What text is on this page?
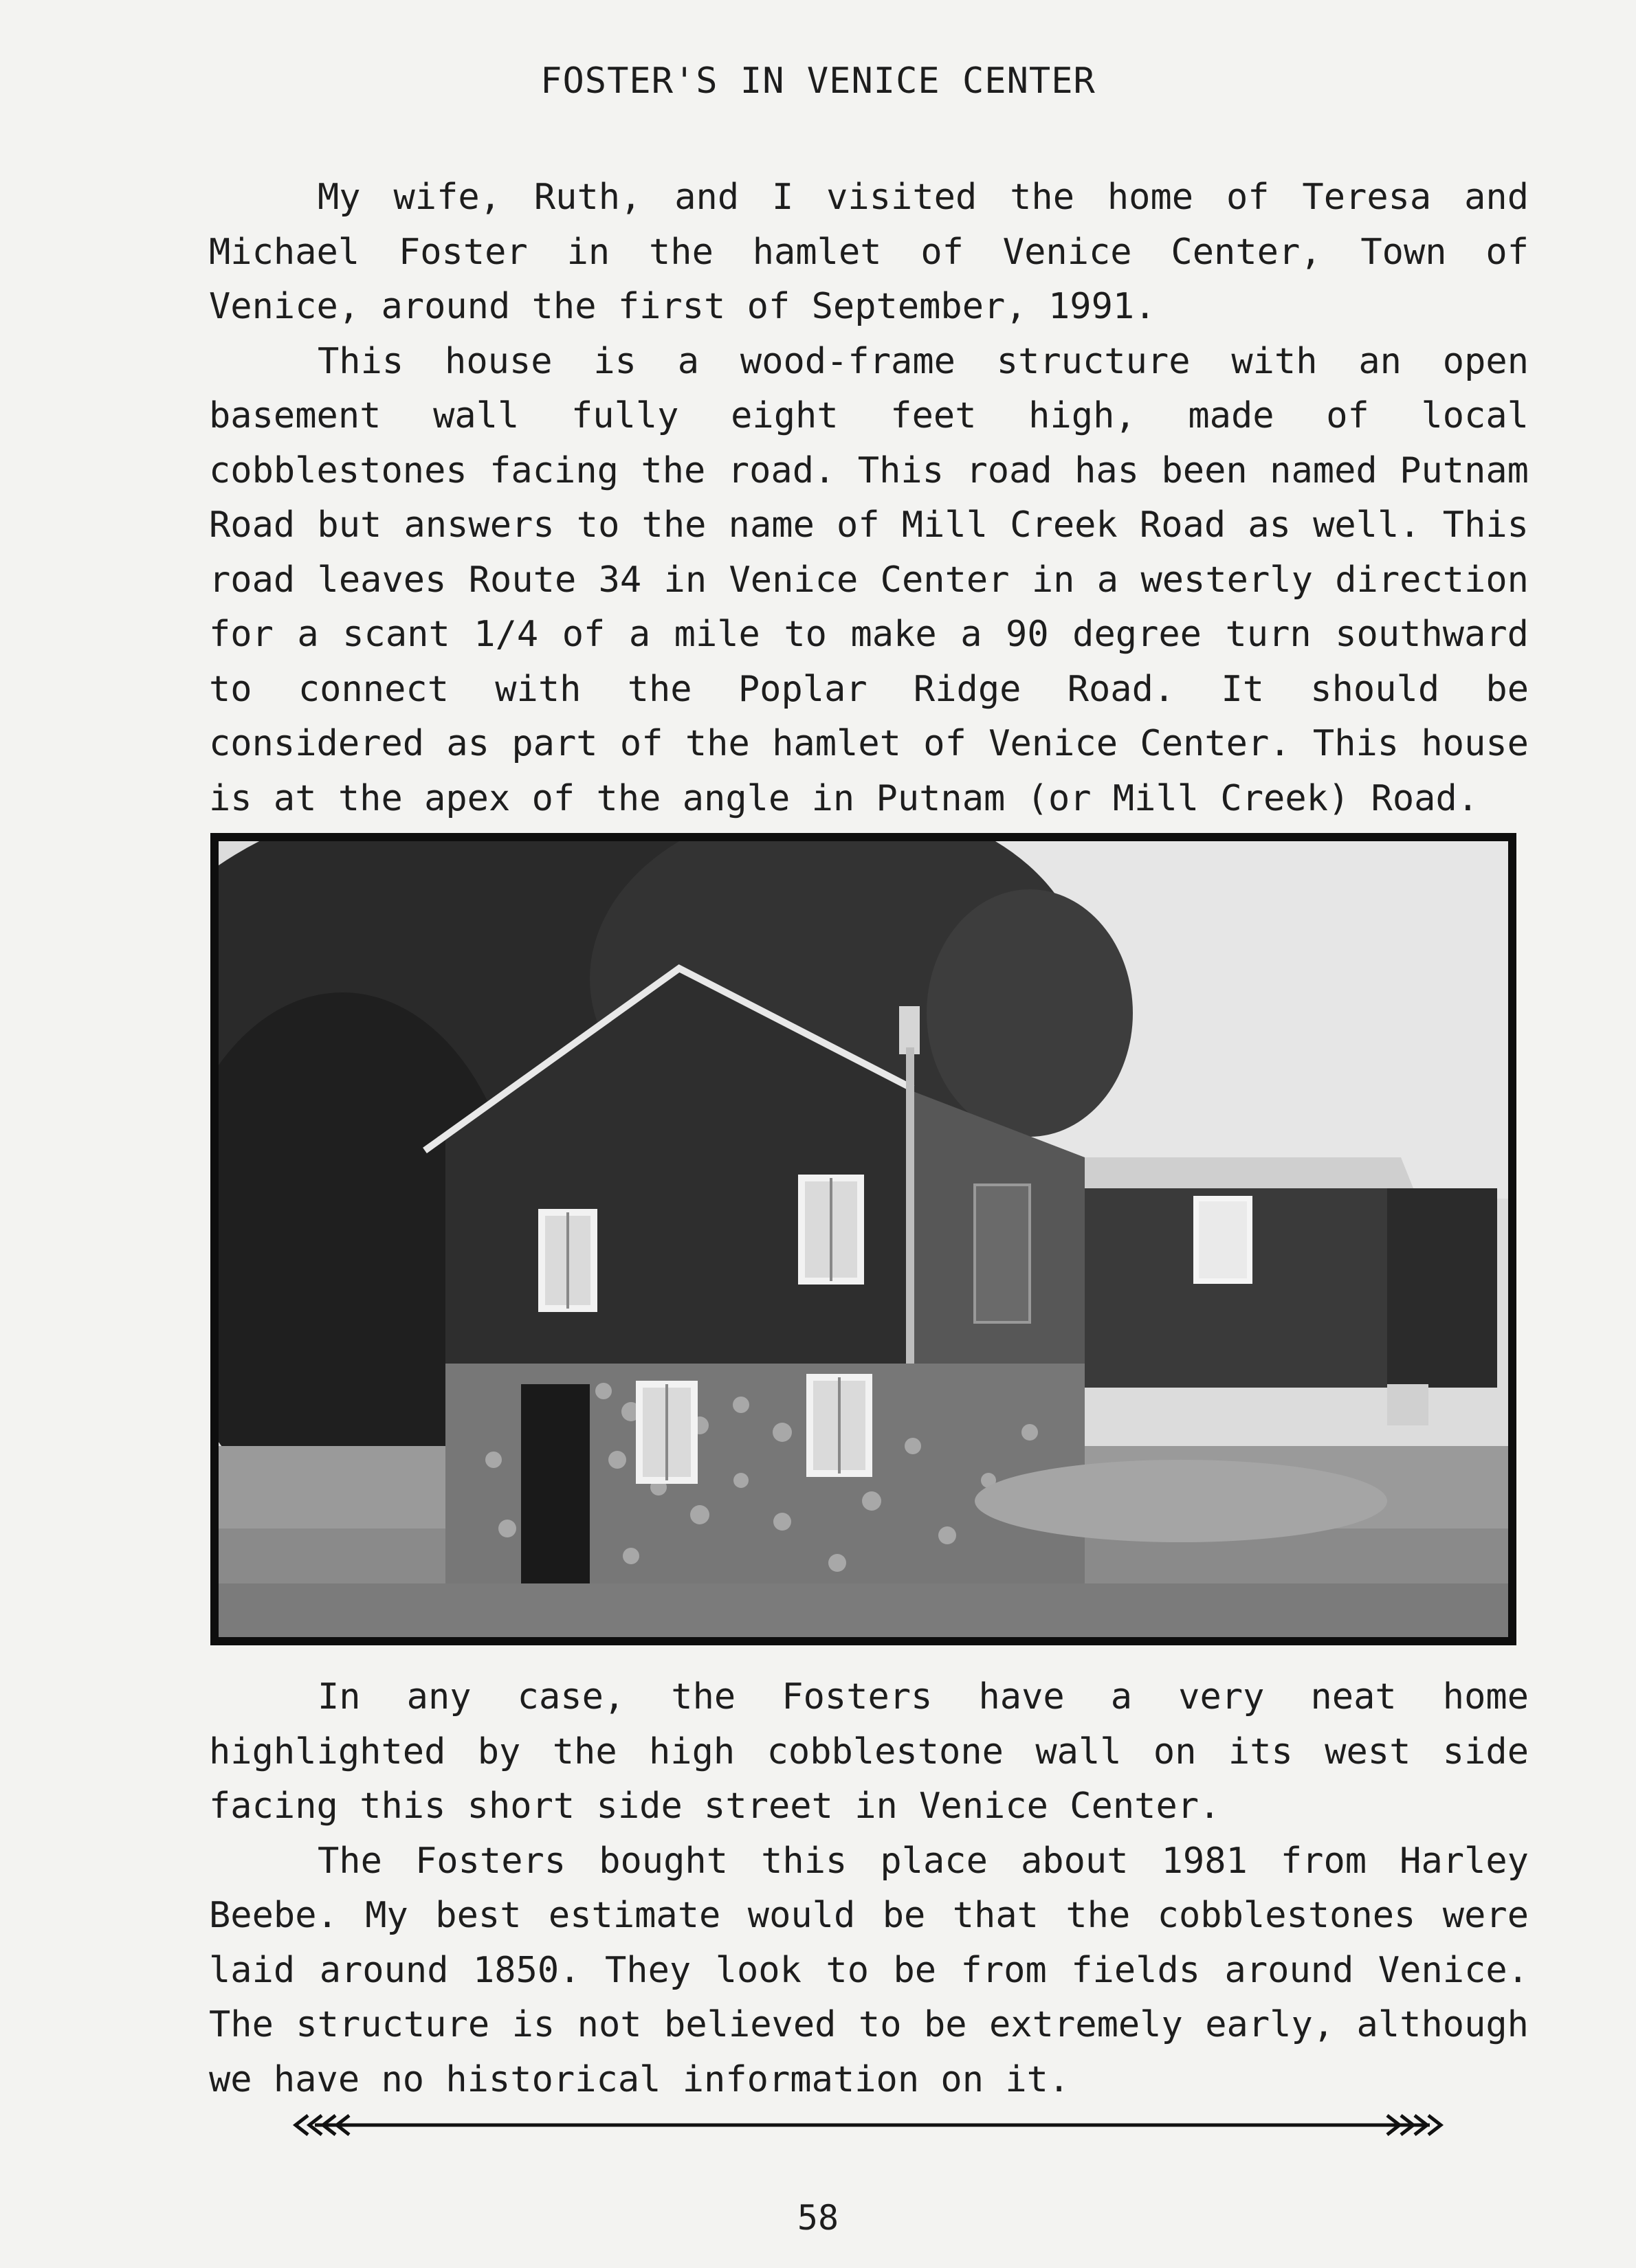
FOSTER'S IN VENICE CENTER

My wife, Ruth, and I visited the home of Teresa and Michael Foster in the hamlet of Venice Center, Town of Venice, around the first of September, 1991.

This house is a wood-frame structure with an open basement wall fully eight feet high, made of local cobblestones facing the road. This road has been named Putnam Road but answers to the name of Mill Creek Road as well. This road leaves Route 34 in Venice Center in a westerly direction for a scant 1/4 of a mile to make a 90 degree turn southward to connect with the Poplar Ridge Road. It should be considered as part of the hamlet of Venice Center. This house is at the apex of the angle in Putnam (or Mill Creek) Road.

In any case, the Fosters have a very neat home highlighted by the high cobblestone wall on its west side facing this short side street in Venice Center.

The Fosters bought this place about 1981 from Harley Beebe. My best estimate would be that the cobblestones were laid around 1850. They look to be from fields around Venice. The structure is not believed to be extremely early, although we have no historical information on it.

58
